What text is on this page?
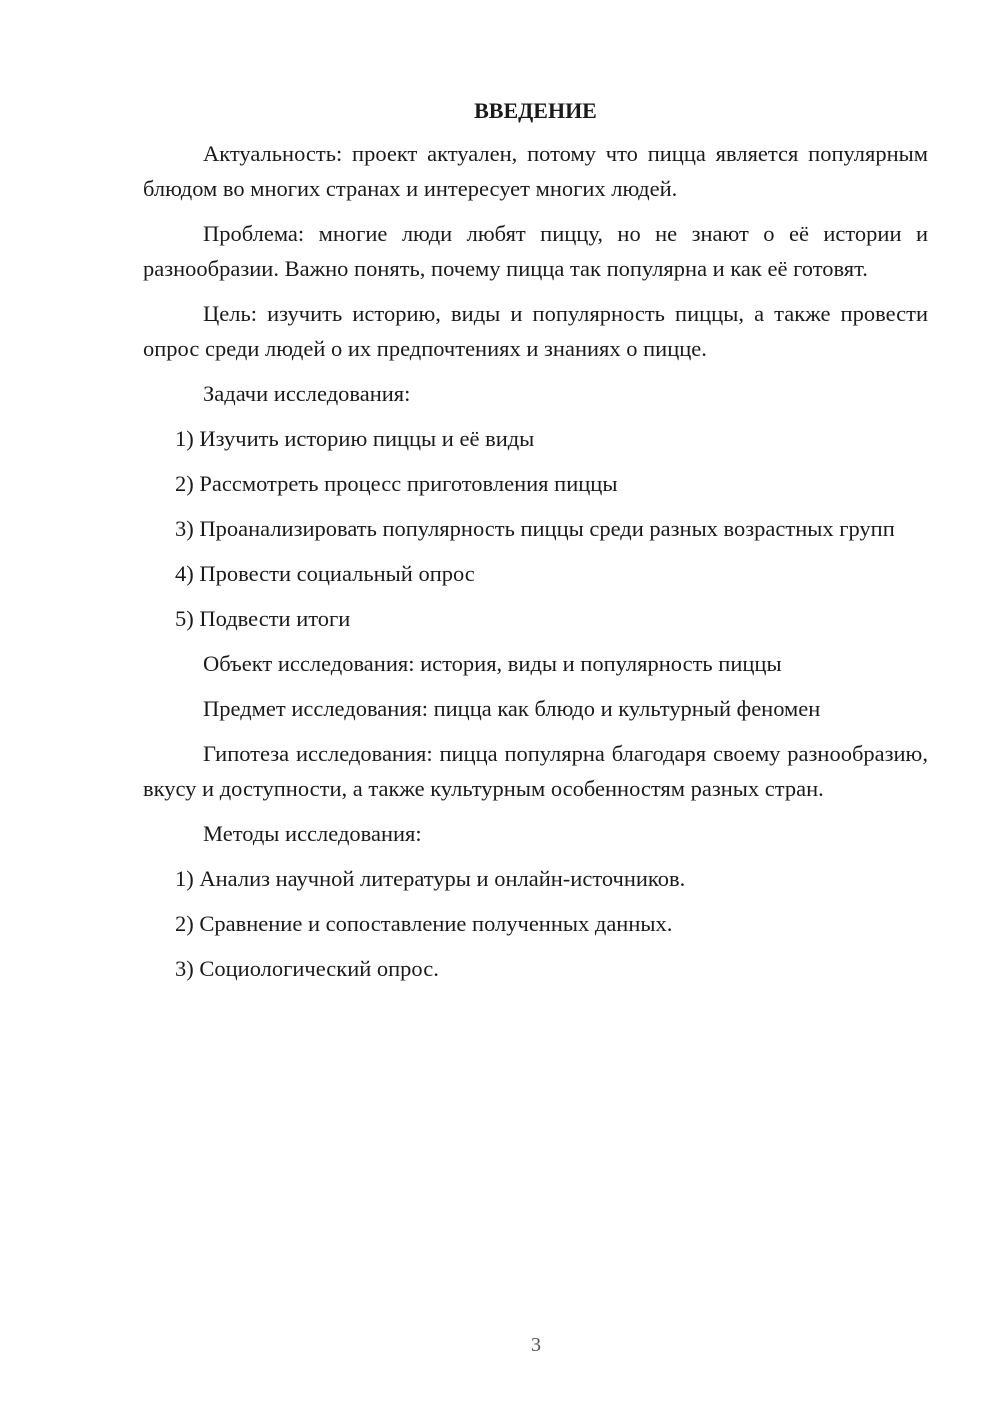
ВВЕДЕНИЕ

Актуальность: проект актуален, потому что пицца является популярным блюдом во многих странах и интересует многих людей.

Проблема: многие люди любят пиццу, но не знают о её истории и разнообразии. Важно понять, почему пицца так популярна и как её готовят.

Цель: изучить историю, виды и популярность пиццы, а также провести опрос среди людей о их предпочтениях и знаниях о пицце.

Задачи исследования:

1) Изучить историю пиццы и её виды

2) Рассмотреть процесс приготовления пиццы

3) Проанализировать популярность пиццы среди разных возрастных групп

4) Провести социальный опрос

5) Подвести итоги

Объект исследования: история, виды и популярность пиццы

Предмет исследования: пицца как блюдо и культурный феномен

Гипотеза исследования: пицца популярна благодаря своему разнообразию, вкусу и доступности, а также культурным особенностям разных стран.

Методы исследования:

1) Анализ научной литературы и онлайн-источников.

2) Сравнение и сопоставление полученных данных.

3) Социологический опрос.

3
